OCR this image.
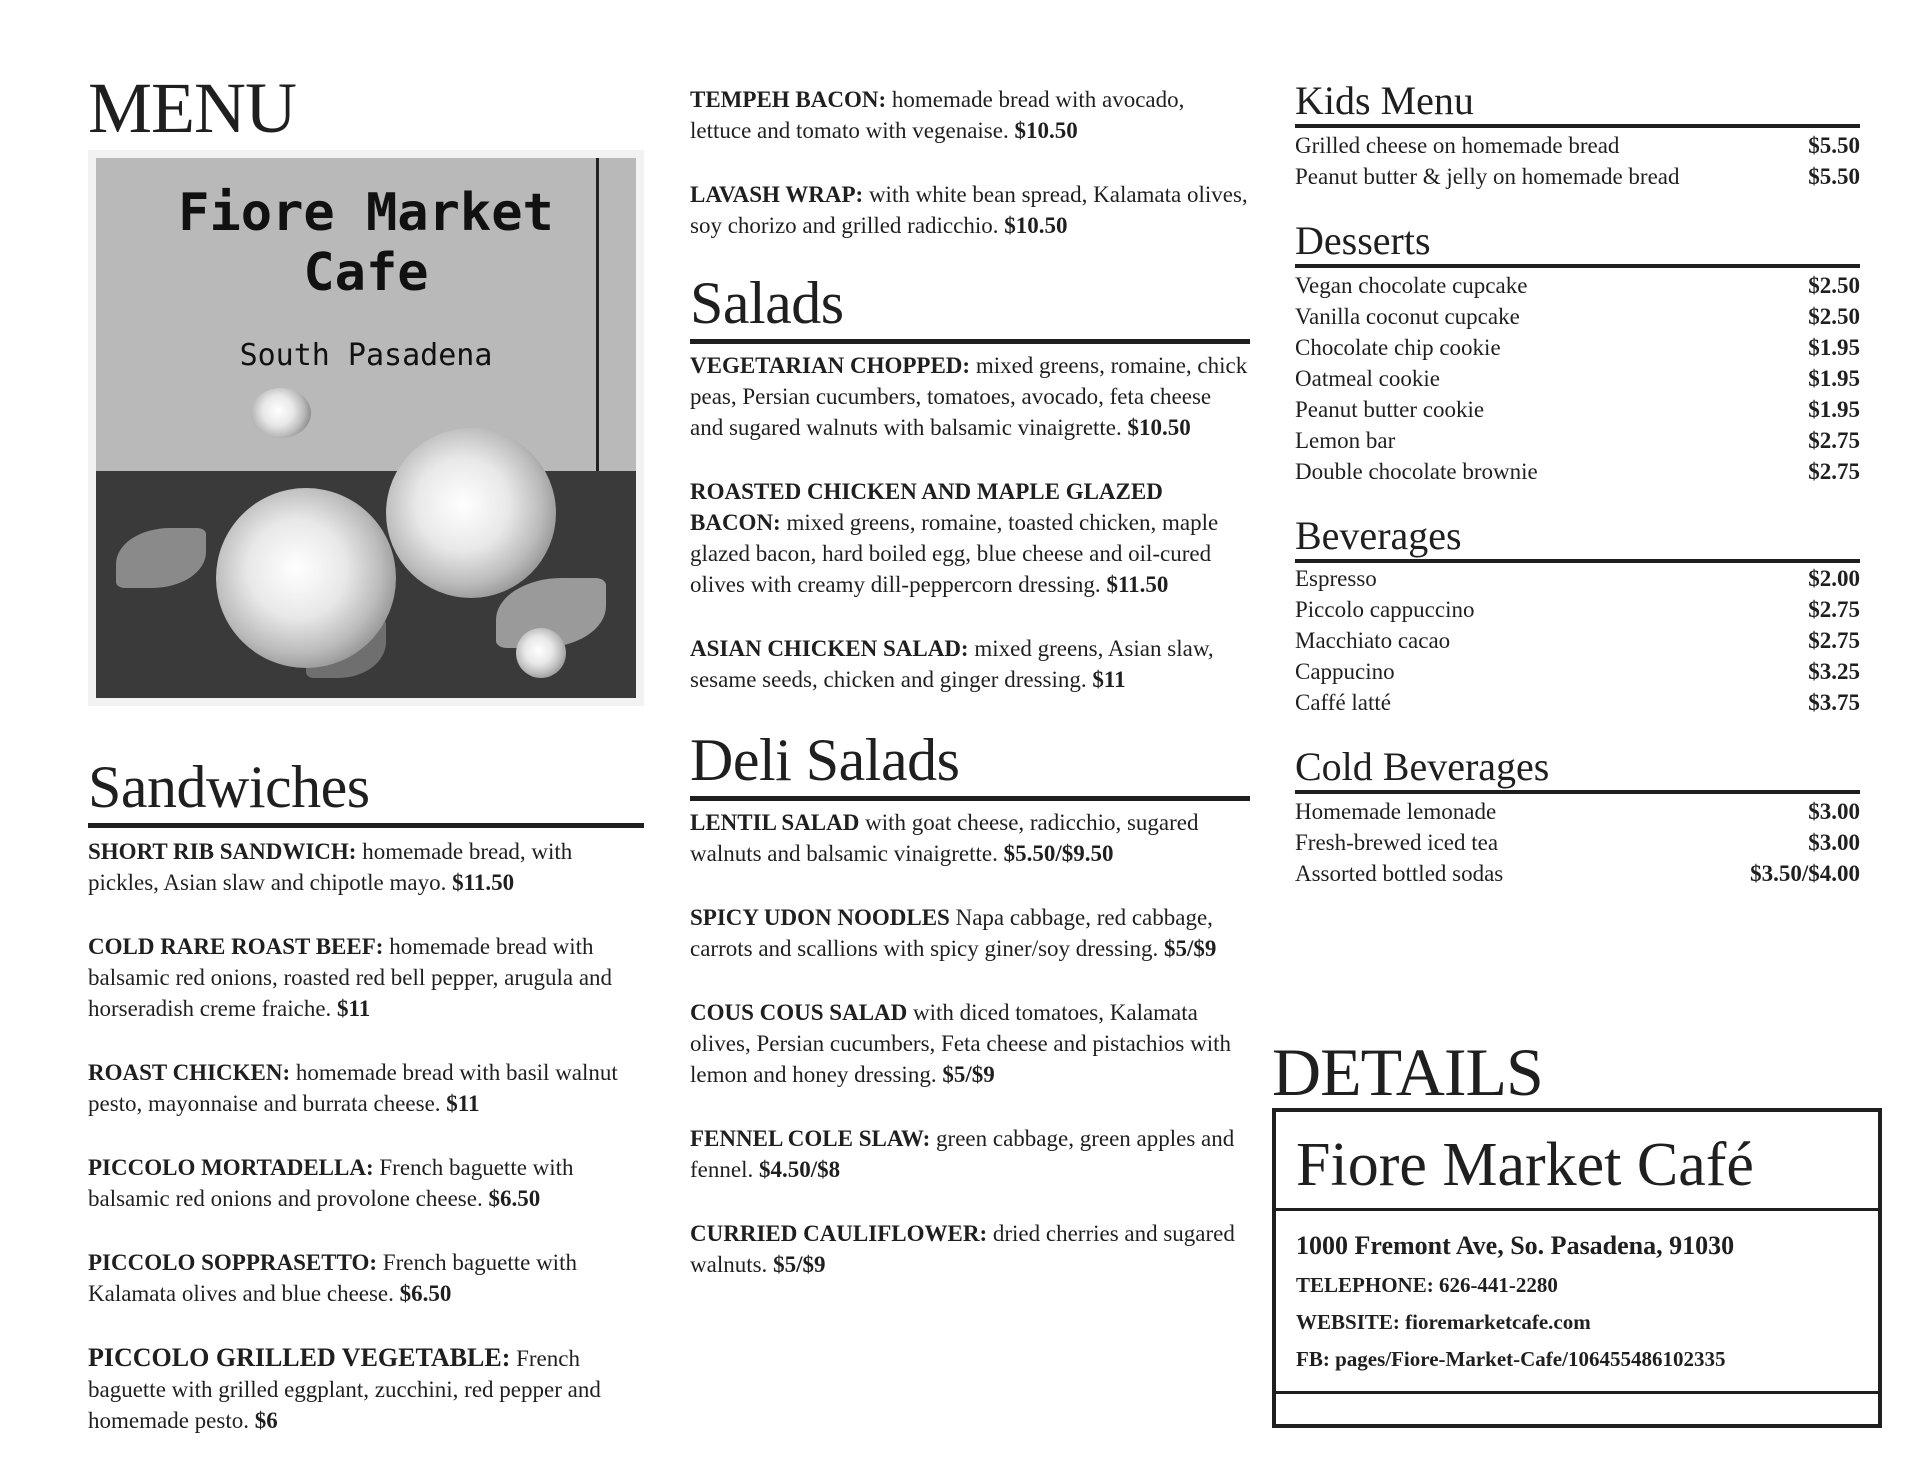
MENU
Fiore Market
Cafe
South Pasadena
Sandwiches

SHORT RIB SANDWICH: homemade bread, with pickles, Asian slaw and chipotle mayo. $11.50

COLD RARE ROAST BEEF: homemade bread with balsamic red onions, roasted red bell pepper, arugula and horseradish creme fraiche. $11

ROAST CHICKEN: homemade bread with basil walnut pesto, mayonnaise and burrata cheese. $11

PICCOLO MORTADELLA: French baguette with balsamic red onions and provolone cheese. $6.50

PICCOLO SOPPRASETTO: French baguette with Kalamata olives and blue cheese. $6.50

PICCOLO GRILLED VEGETABLE: French baguette with grilled eggplant, zucchini, red pepper and homemade pesto. $6

TEMPEH BACON: homemade bread with avocado, lettuce and tomato with vegenaise. $10.50

LAVASH WRAP: with white bean spread, Kalamata olives, soy chorizo and grilled radicchio. $10.50

Salads

VEGETARIAN CHOPPED: mixed greens, romaine, chick peas, Persian cucumbers, tomatoes, avocado, feta cheese and sugared walnuts with balsamic vinaigrette. $10.50

ROASTED CHICKEN AND MAPLE GLAZED BACON: mixed greens, romaine, toasted chicken, maple glazed bacon, hard boiled egg, blue cheese and oil-cured olives with creamy dill-peppercorn dressing. $11.50

ASIAN CHICKEN SALAD: mixed greens, Asian slaw, sesame seeds, chicken and ginger dressing. $11

Deli Salads

LENTIL SALAD with goat cheese, radicchio, sugared walnuts and balsamic vinaigrette. $5.50/$9.50

SPICY UDON NOODLES Napa cabbage, red cabbage, carrots and scallions with spicy giner/soy dressing. $5/$9

COUS COUS SALAD with diced tomatoes, Kalamata olives, Persian cucumbers, Feta cheese and pistachios with lemon and honey dressing. $5/$9

FENNEL COLE SLAW: green cabbage, green apples and fennel. $4.50/$8

CURRIED CAULIFLOWER: dried cherries and sugared walnuts. $5/$9

Kids Menu
Grilled cheese on homemade bread	$5.50
Peanut butter & jelly on homemade bread	$5.50
Desserts
Vegan chocolate cupcake	$2.50
Vanilla coconut cupcake	$2.50
Chocolate chip cookie	$1.95
Oatmeal cookie	$1.95
Peanut butter cookie	$1.95
Lemon bar	$2.75
Double chocolate brownie	$2.75
Beverages
Espresso	$2.00
Piccolo cappuccino	$2.75
Macchiato cacao	$2.75
Cappucino	$3.25
Caffé latté	$3.75
Cold Beverages
Homemade lemonade	$3.00
Fresh-brewed iced tea	$3.00
Assorted bottled sodas	$3.50/$4.00
DETAILS
Fiore Market Café
1000 Fremont Ave, So. Pasadena, 91030
TELEPHONE: 626-441-2280
WEBSITE: fioremarketcafe.com
FB: pages/Fiore-Market-Cafe/106455486102335
